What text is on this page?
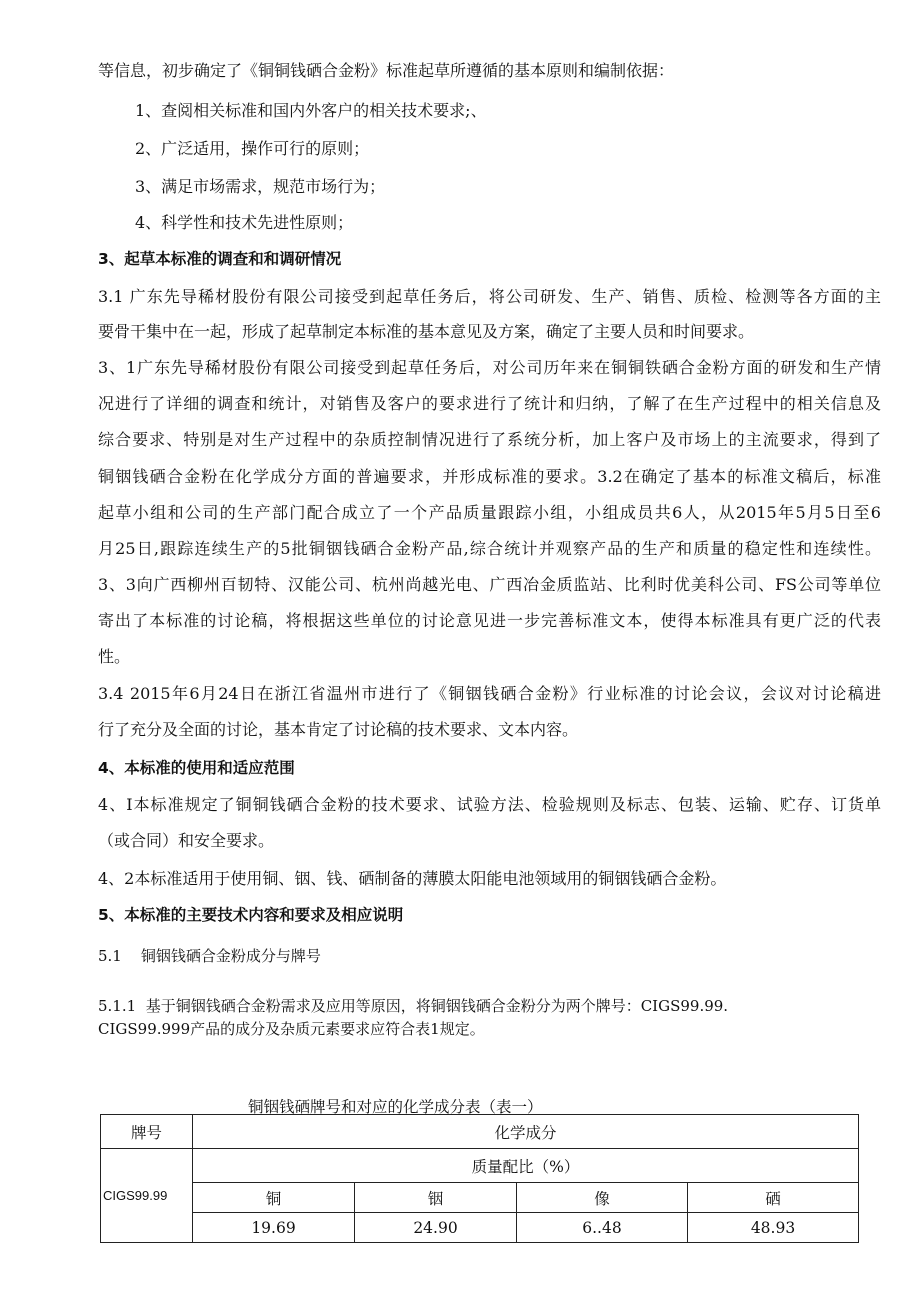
等信息，初步确定了《铜铜钱硒合金粉》标准起草所遵循的基本原则和编制依据：
1、查阅相关标准和国内外客户的相关技术要求;、
2、广泛适用，操作可行的原则；
3、满足市场需求，规范市场行为；
4、科学性和技术先进性原则；
3、起草本标准的调查和和调研情况
3.1 广东先导稀材股份有限公司接受到起草任务后，将公司研发、生产、销售、质检、检测等各方面的主
要骨干集中在一起，形成了起草制定本标准的基本意见及方案，确定了主要人员和时间要求。
3、1广东先导稀材股份有限公司接受到起草任务后，对公司历年来在铜铜铁硒合金粉方面的研发和生产情
况进行了详细的调查和统计，对销售及客户的要求进行了统计和归纳，了解了在生产过程中的相关信息及
综合要求、特别是对生产过程中的杂质控制情况进行了系统分析，加上客户及市场上的主流要求，得到了
铜铟钱硒合金粉在化学成分方面的普遍要求，并形成标准的要求。3.2在确定了基本的标准文稿后，标准
起草小组和公司的生产部门配合成立了一个产品质量跟踪小组，小组成员共6人，从2015年5月5日至6
月25日,跟踪连续生产的5批铜铟钱硒合金粉产品,综合统计并观察产品的生产和质量的稳定性和连续性。
3、3向广西柳州百韧特、汉能公司、杭州尚越光电、广西冶金质监站、比利时优美科公司、FS公司等单位
寄出了本标准的讨论稿，将根据这些单位的讨论意见进一步完善标准文本，使得本标准具有更广泛的代表
性。
3.4 2015年6月24日在浙江省温州市进行了《铜铟钱硒合金粉》行业标准的讨论会议，会议对讨论稿进
行了充分及全面的讨论，基本肯定了讨论稿的技术要求、文本内容。
4、本标准的使用和适应范围
4、I本标准规定了铜铜钱硒合金粉的技术要求、试验方法、检验规则及标志、包装、运输、贮存、订货单
（或合同）和安全要求。
4、2本标准适用于使用铜、铟、钱、硒制备的薄膜太阳能电池领域用的铜铟钱硒合金粉。
5、本标准的主要技术内容和要求及相应说明
5.1    铜铟钱硒合金粉成分与牌号
5.1.1  基于铜铟钱硒合金粉需求及应用等原因，将铜铟钱硒合金粉分为两个牌号：CIGS99.99.
CIGS99.999产品的成分及杂质元素要求应符合表1规定。
铜铟钱硒牌号和对应的化学成分表（表一）
牌号	化学成分			
CIGS99.99	质量配比（%）			
	铜	铟	像	硒
	19.69	24.90	6..48	48.93
